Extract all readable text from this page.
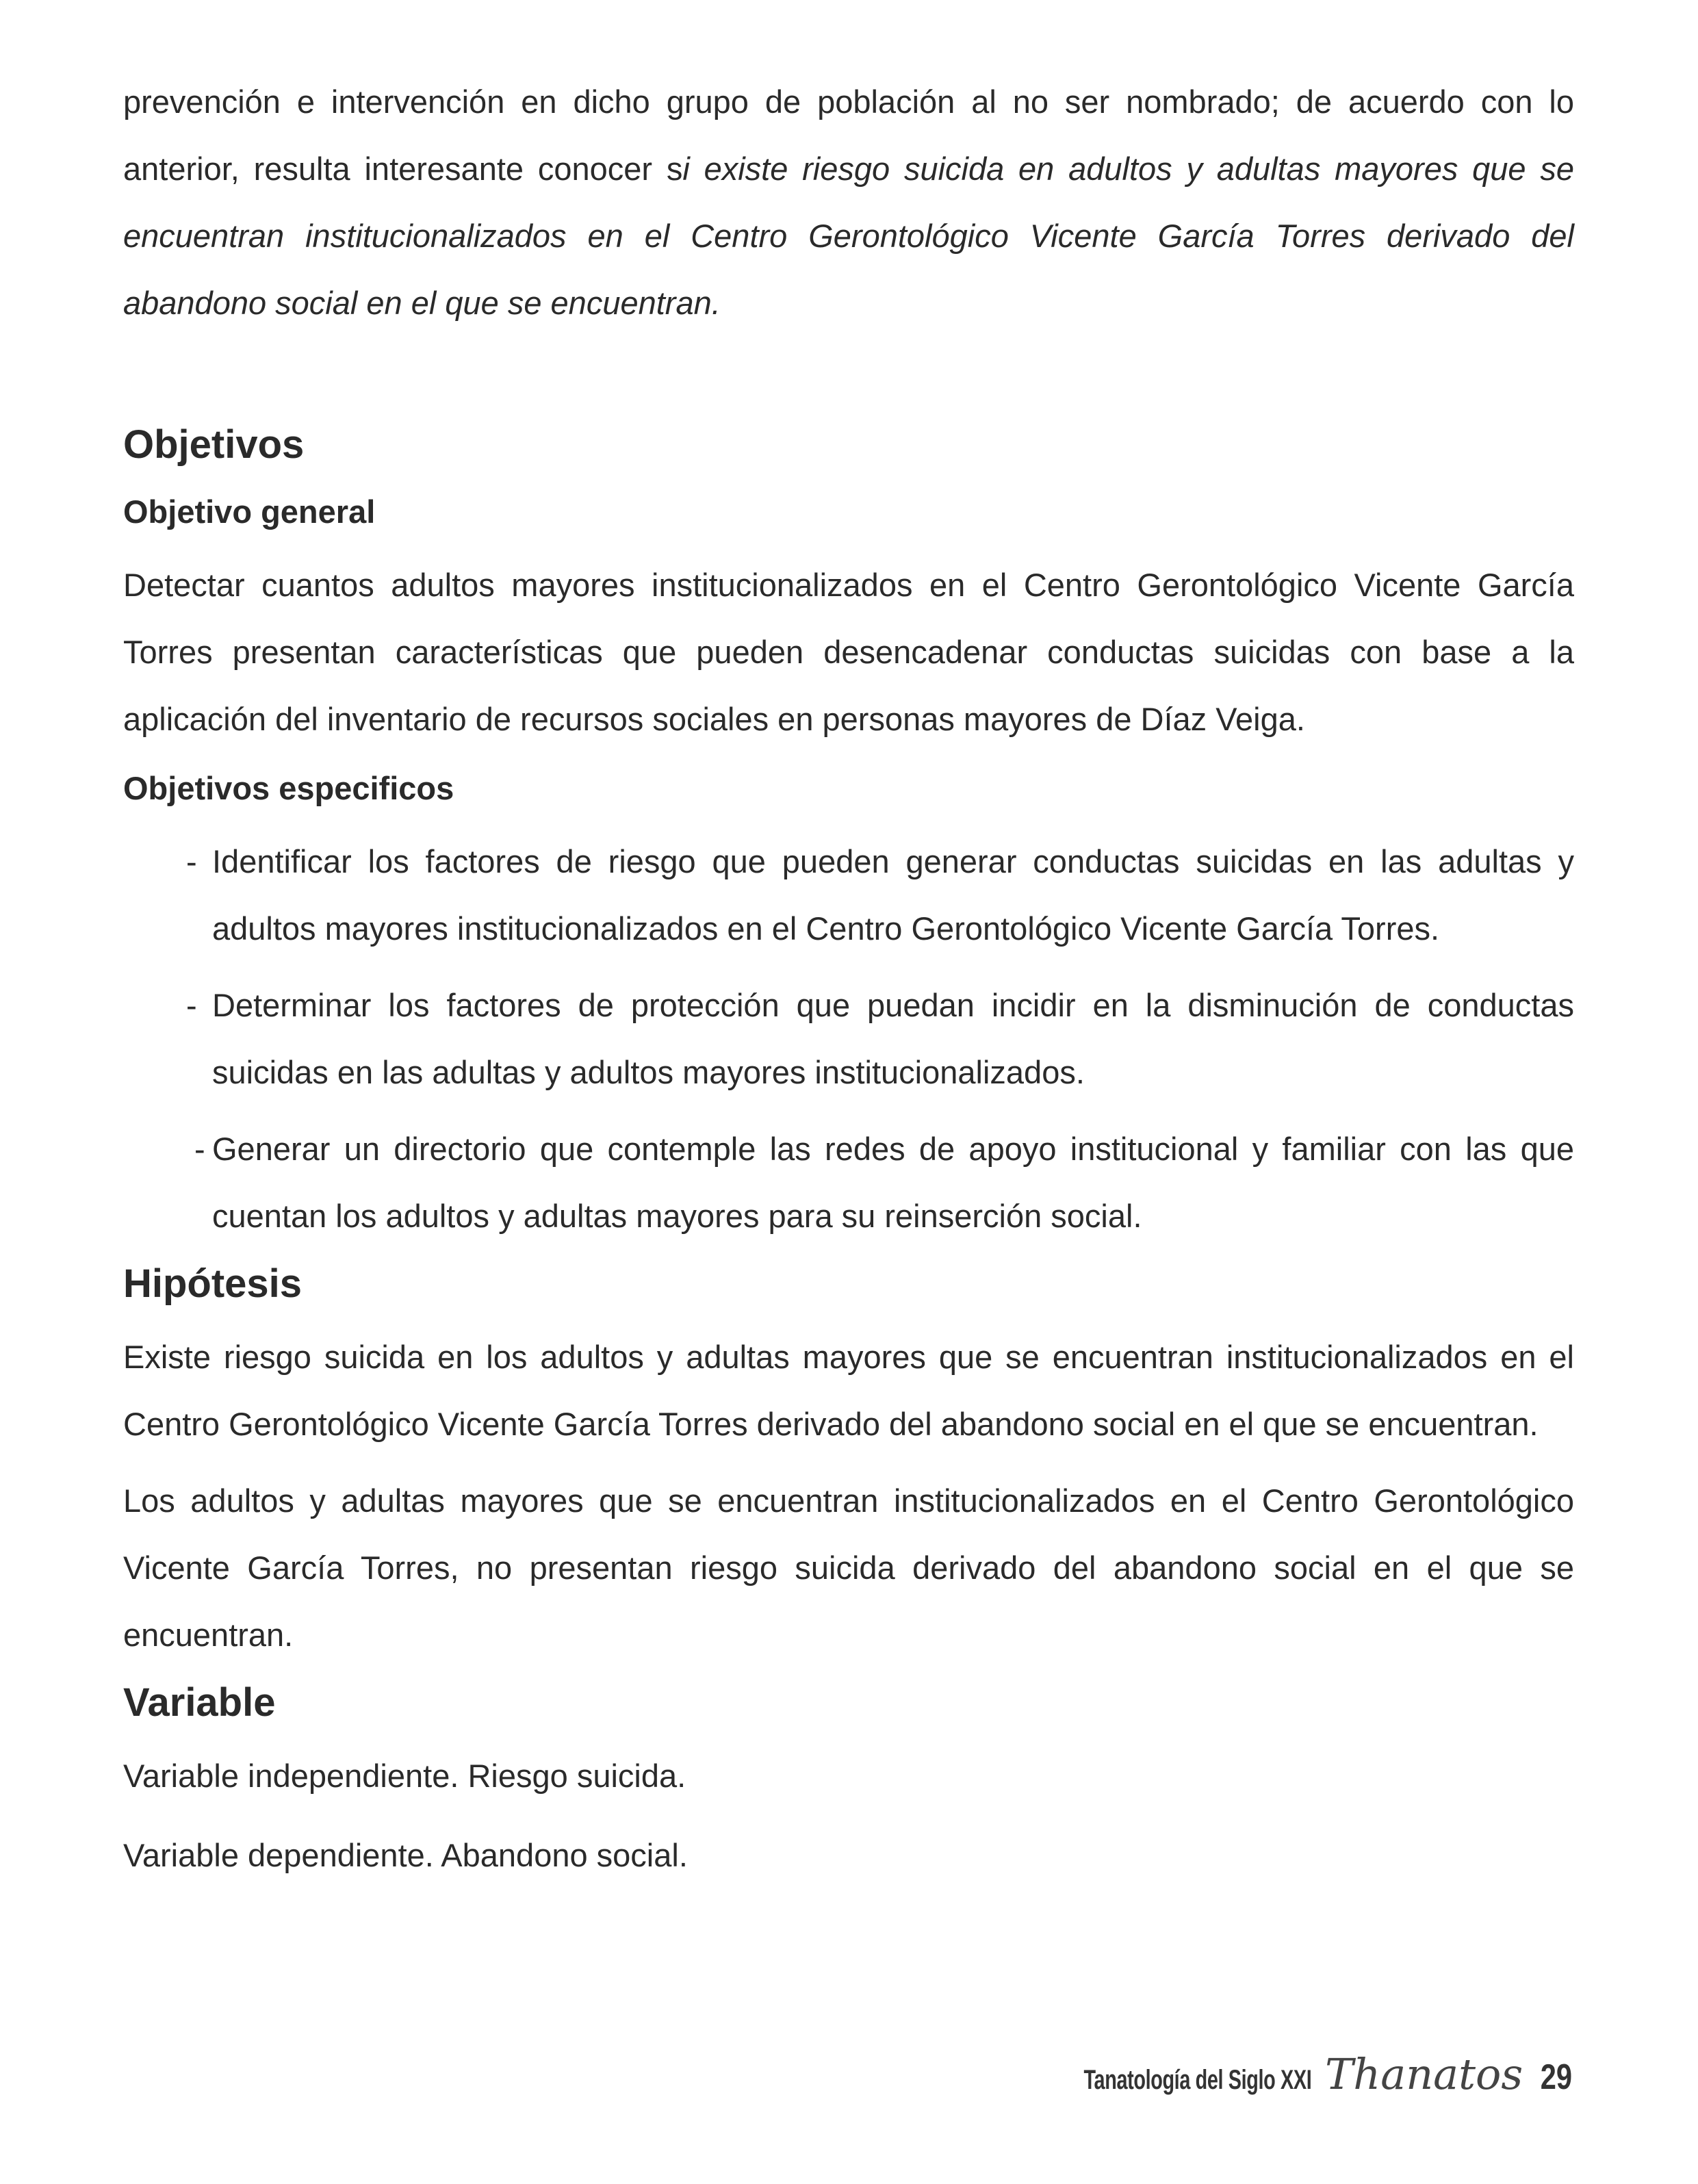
prevención e intervención en dicho grupo de población al no ser nombrado; de acuerdo con lo anterior, resulta interesante conocer si existe riesgo suicida en adultos y adultas mayores que se encuentran institucionalizados en el Centro Gerontológico Vicente García Torres derivado del abandono social en el que se encuentran.

Objetivos
Objetivo general

Detectar cuantos adultos mayores institucionalizados en el Centro Gerontológico Vicente García Torres presentan características que pueden desencadenar conductas suicidas con base a la aplicación del inventario de recursos sociales en personas mayores de Díaz Veiga.

Objetivos especificos

- Identificar los factores de riesgo que pueden generar conductas suicidas en las adultas y adultos mayores institucionalizados en el Centro Gerontológico Vicente García Torres.

- Determinar los factores de protección que puedan incidir en la disminución de conductas suicidas en las adultas y adultos mayores institucionalizados.

- Generar un directorio que contemple las redes de apoyo institucional y familiar con las que cuentan los adultos y adultas mayores para su reinserción social.

Hipótesis

Existe riesgo suicida en los adultos y adultas mayores que se encuentran institucionalizados en el Centro Gerontológico Vicente García Torres derivado del abandono social en el que se encuentran.

Los adultos y adultas mayores que se encuentran institucionalizados en el Centro Gerontológico Vicente García Torres, no presentan riesgo suicida derivado del abandono social en el que se encuentran.

Variable

Variable independiente. Riesgo suicida.

Variable dependiente. Abandono social.

Tanatología del Siglo XXI Thanatos 29
